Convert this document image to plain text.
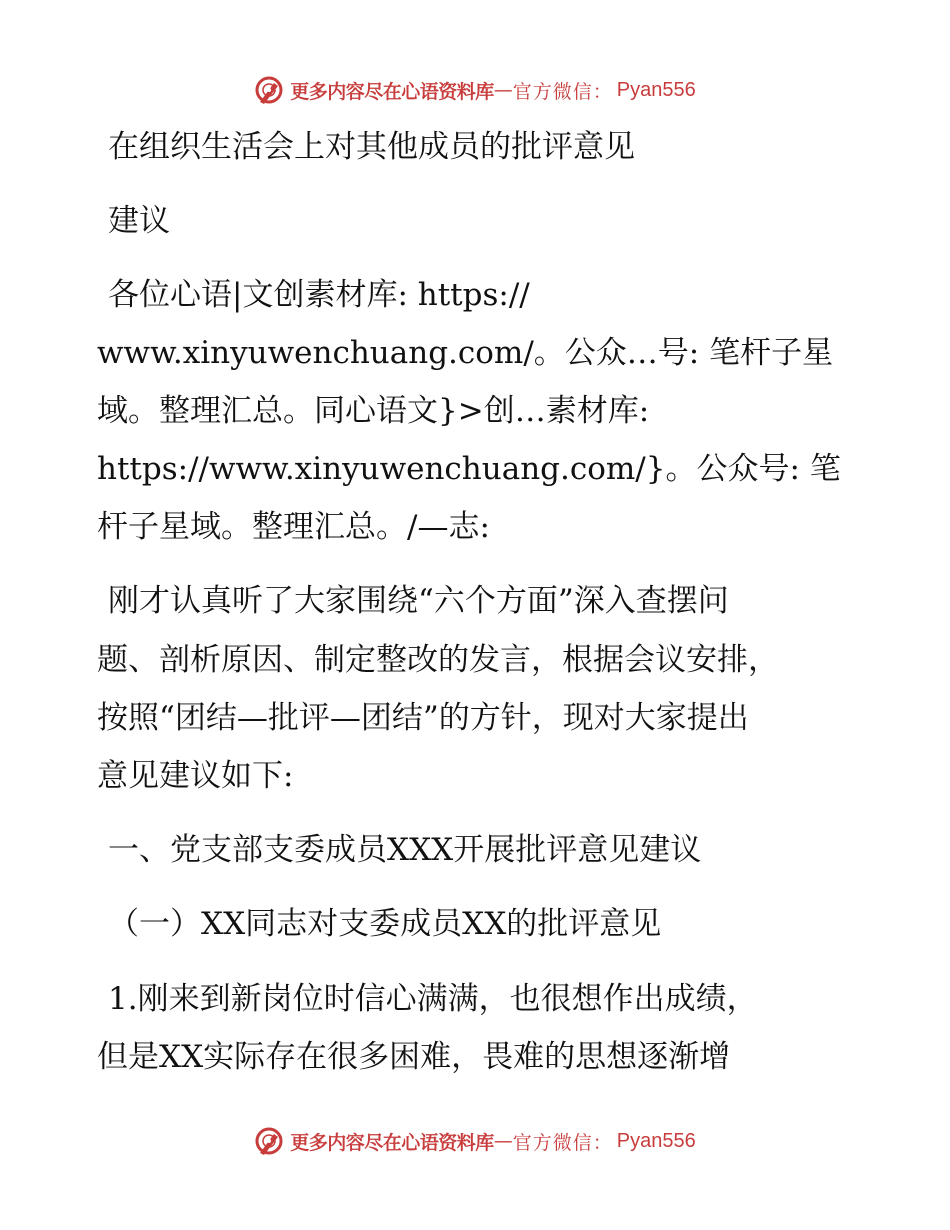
更多内容尽在心语资料库 — 官方微信： Pyan556
在组织生活会上对其他成员的批评意见
建议
各位心语|文创素材库: https://
www.xinyuwenchuang.com/。公众…号: 笔杆子星
域。整理汇总。同心语文}>创…素材库:
https://www.xinyuwenchuang.com/}。公众号: 笔
杆子星域。整理汇总。/—志:
刚才认真听了大家围绕“六个方面”深入查摆问
题、剖析原因、制定整改的发言，根据会议安排，
按照“团结—批评—团结”的方针，现对大家提出
意见建议如下:
一、党支部支委成员XXX开展批评意见建议
（一）XX同志对支委成员XX的批评意见
1.刚来到新岗位时信心满满，也很想作出成绩，
但是XX实际存在很多困难，畏难的思想逐渐增
更多内容尽在心语资料库 — 官方微信： Pyan556
